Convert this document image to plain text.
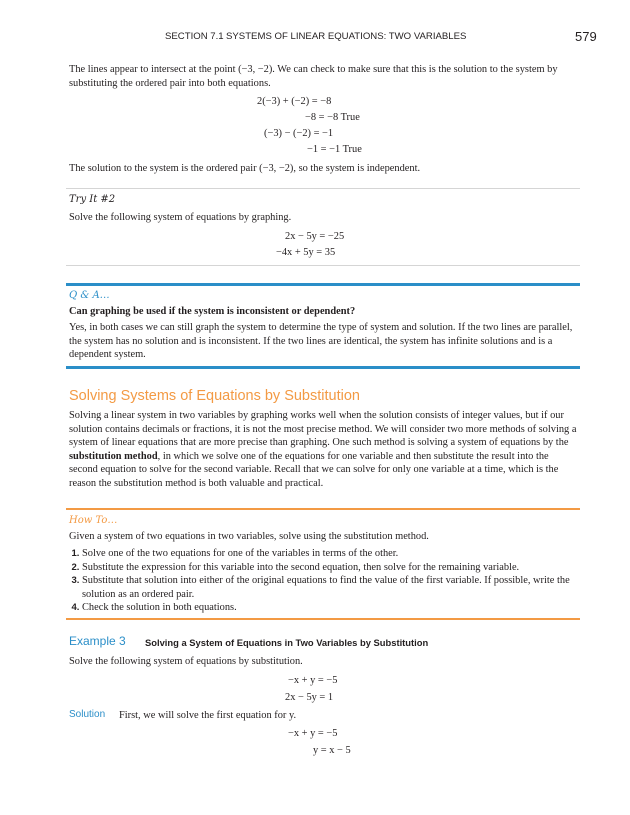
SECTION 7.1 SYSTEMS OF LINEAR EQUATIONS: TWO VARIABLES	579
The lines appear to intersect at the point (−3, −2). We can check to make sure that this is the solution to the system by substituting the ordered pair into both equations.
2(−3) + (−2) = −8
−8 = −8 True
(−3) − (−2) = −1
−1 = −1 True
The solution to the system is the ordered pair (−3, −2), so the system is independent.
Try It #2
Solve the following system of equations by graphing.
2x − 5y = −25
−4x + 5y = 35
Q & A…
Can graphing be used if the system is inconsistent or dependent?
Yes, in both cases we can still graph the system to determine the type of system and solution. If the two lines are parallel, the system has no solution and is inconsistent. If the two lines are identical, the system has infinite solutions and is a dependent system.
Solving Systems of Equations by Substitution
Solving a linear system in two variables by graphing works well when the solution consists of integer values, but if our solution contains decimals or fractions, it is not the most precise method. We will consider two more methods of solving a system of linear equations that are more precise than graphing. One such method is solving a system of equations by the substitution method, in which we solve one of the equations for one variable and then substitute the result into the second equation to solve for the second variable. Recall that we can solve for only one variable at a time, which is the reason the substitution method is both valuable and practical.
How To…
Given a system of two equations in two variables, solve using the substitution method.
1. Solve one of the two equations for one of the variables in terms of the other.
2. Substitute the expression for this variable into the second equation, then solve for the remaining variable.
3. Substitute that solution into either of the original equations to find the value of the first variable. If possible, write the solution as an ordered pair.
4. Check the solution in both equations.
Example 3 Solving a System of Equations in Two Variables by Substitution
Solve the following system of equations by substitution.
−x + y = −5
2x − 5y = 1
Solution First, we will solve the first equation for y.
−x + y = −5
y = x − 5
